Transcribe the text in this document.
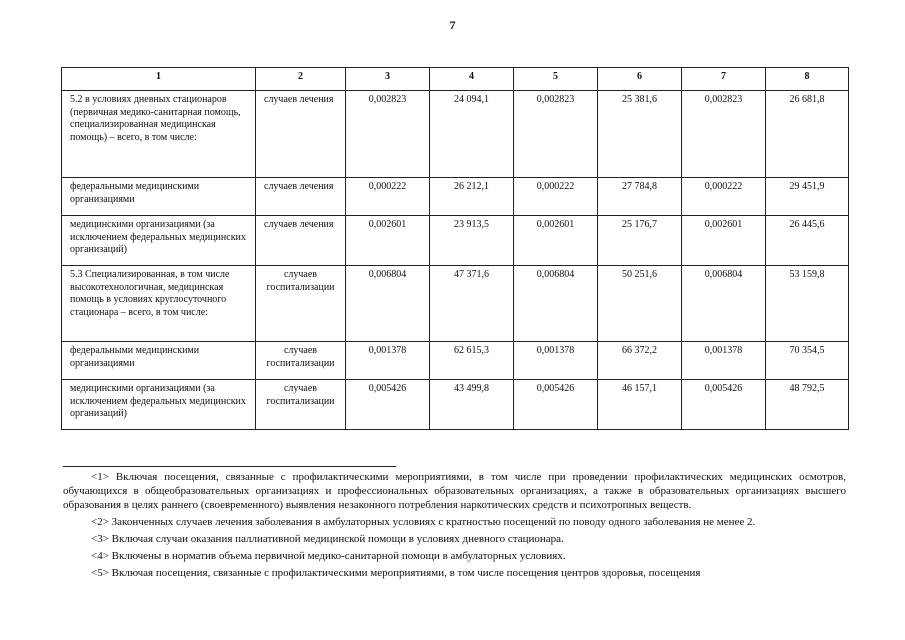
7
1	2	3	4	5	6	7	8
5.2 в условиях дневных стационаров (первичная медико-санитарная помощь, специализированная медицинская помощь) – всего, в том числе:	случаев лечения	0,002823	24 094,1	0,002823	25 381,6	0,002823	26 681,8
федеральными медицинскими организациями	случаев лечения	0,000222	26 212,1	0,000222	27 784,8	0,000222	29 451,9
медицинскими организациями (за исключением федеральных медицинских организаций)	случаев лечения	0,002601	23 913,5	0,002601	25 176,7	0,002601	26 445,6
5.3 Специализированная, в том числе высокотехнологичная, медицинская помощь в условиях круглосуточного стационара – всего, в том числе:	случаев госпитализации	0,006804	47 371,6	0,006804	50 251,6	0,006804	53 159,8
федеральными медицинскими организациями	случаев госпитализации	0,001378	62 615,3	0,001378	66 372,2	0,001378	70 354,5
медицинскими организациями (за исключением федеральных медицинских организаций)	случаев госпитализации	0,005426	43 499,8	0,005426	46 157,1	0,005426	48 792,5

<1> Включая посещения, связанные с профилактическими мероприятиями, в том числе при проведении профилактических медицинских осмотров, обучающихся в общеобразовательных организациях и профессиональных образовательных организациях, а также в образовательных организациях высшего образования в целях раннего (своевременного) выявления незаконного потребления наркотических средств и психотропных веществ.

<2> Законченных случаев лечения заболевания в амбулаторных условиях с кратностью посещений по поводу одного заболевания не менее 2.

<3> Включая случаи оказания паллиативной медицинской помощи в условиях дневного стационара.

<4> Включены в норматив объема первичной медико-санитарной помощи в амбулаторных условиях.

<5> Включая посещения, связанные с профилактическими мероприятиями, в том числе посещения центров здоровья, посещения
